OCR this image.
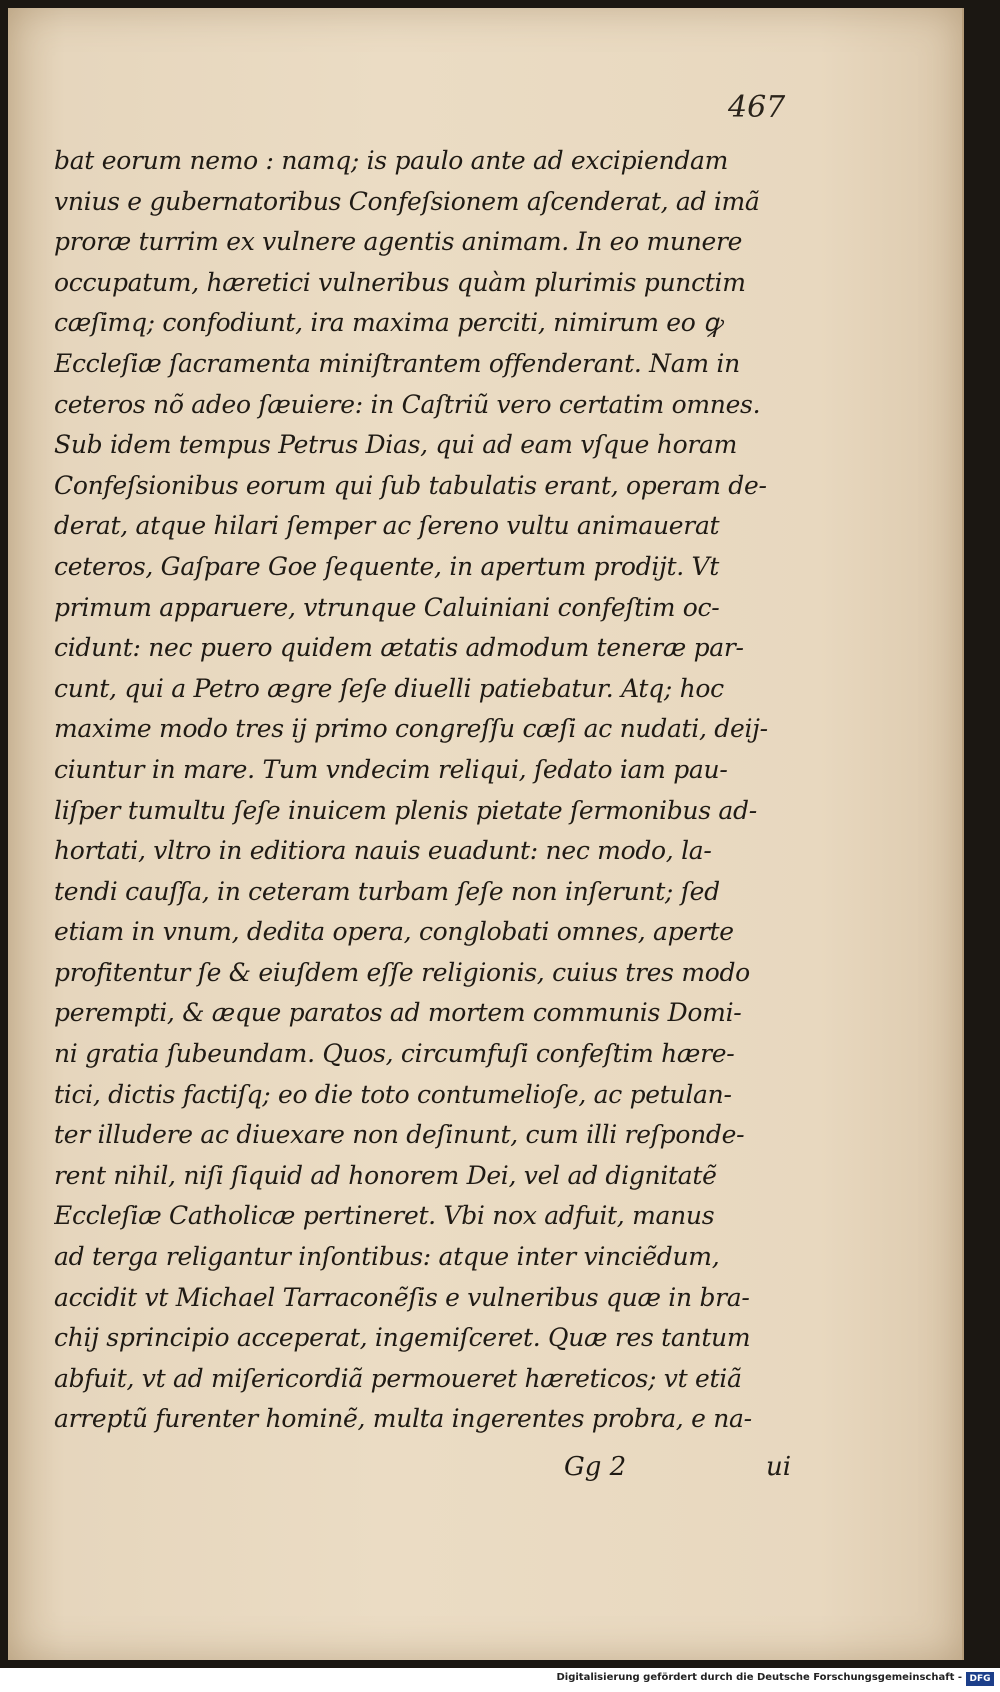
467
bat eorum nemo : namq; is paulo ante ad excipiendam
vnius e gubernatoribus Confeſsionem aſcenderat, ad imã
proræ turrim ex vulnere agentis animam. In eo munere
occupatum, hæretici vulneribus quàm plurimis punctim
cæſimq; confodiunt, ira maxima perciti, nimirum eo ꝙ
Eccleſiæ ſacramenta miniſtrantem offenderant. Nam in
ceteros nõ adeo ſæuiere: in Caſtriũ vero certatim omnes.
Sub idem tempus Petrus Dias, qui ad eam vſque horam
Confeſsionibus eorum qui ſub tabulatis erant, operam de-
derat, atque hilari ſemper ac ſereno vultu animauerat
ceteros, Gaſpare Goe ſequente, in apertum prodijt. Vt
primum apparuere, vtrunque Caluiniani confeſtim oc-
cidunt: nec puero quidem ætatis admodum teneræ par-
cunt, qui a Petro ægre ſeſe diuelli patiebatur. Atq; hoc
maxime modo tres ij primo congreſſu cæſi ac nudati, deij-
ciuntur in mare. Tum vndecim reliqui, ſedato iam pau-
liſper tumultu ſeſe inuicem plenis pietate ſermonibus ad-
hortati, vltro in editiora nauis euadunt: nec modo, la-
tendi cauſſa, in ceteram turbam ſeſe non inſerunt; ſed
etiam in vnum, dedita opera, conglobati omnes, aperte
profitentur ſe & eiuſdem eſſe religionis, cuius tres modo
perempti, & æque paratos ad mortem communis Domi-
ni gratia ſubeundam. Quos, circumfuſi confeſtim hære-
tici, dictis factiſq; eo die toto contumelioſe, ac petulan-
ter illudere ac diuexare non deſinunt, cum illi reſponde-
rent nihil, niſi ſiquid ad honorem Dei, vel ad dignitatẽ
Eccleſiæ Catholicæ pertineret. Vbi nox adfuit, manus
ad terga religantur inſontibus: atque inter vinciẽdum,
accidit vt Michael Tarraconẽſis e vulneribus quæ in bra-
chij sprincipio acceperat, ingemiſceret. Quæ res tantum
abfuit, vt ad miſericordiã permoueret hæreticos; vt etiã
arreptũ furenter hominẽ, multa ingerentes probra, e na-
Gg 2	ui
Digitalisierung gefördert durch die Deutsche Forschungsgemeinschaft - DFG
